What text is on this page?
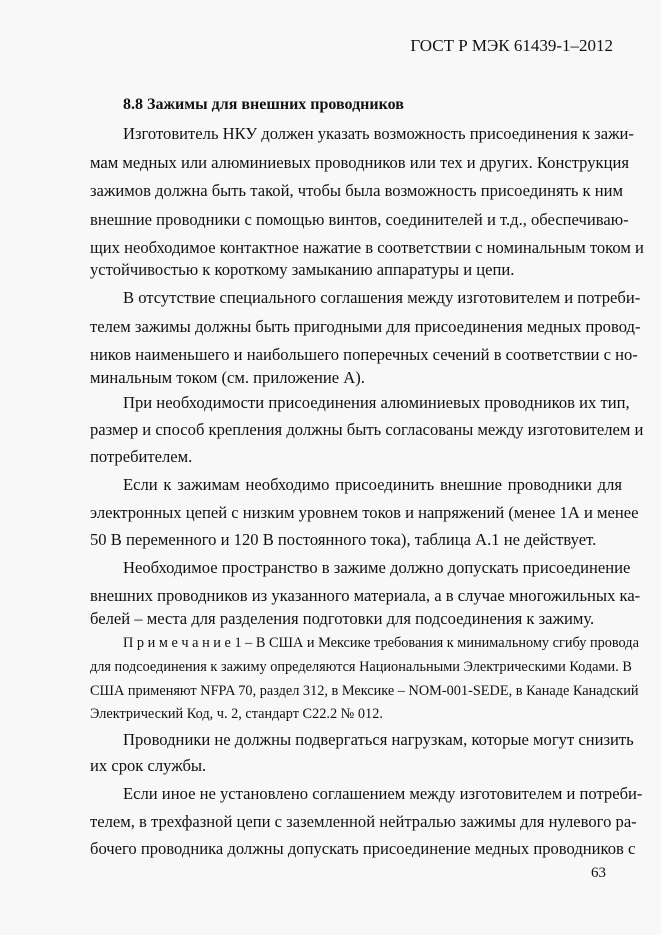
ГОСТ Р МЭК 61439-1–2012
8.8 Зажимы для внешних проводников
Изготовитель НКУ должен указать возможность присоединения к зажи-
мам медных или алюминиевых проводников или тех и других. Конструкция
зажимов должна быть такой, чтобы была возможность присоединять к ним
внешние проводники с помощью винтов, соединителей и т.д., обеспечиваю-
щих необходимое контактное нажатие в соответствии с номинальным током и
устойчивостью к короткому замыканию аппаратуры и цепи.
В отсутствие специального соглашения между изготовителем и потреби-
телем зажимы должны быть пригодными для присоединения медных провод-
ников наименьшего и наибольшего поперечных сечений в соответствии с но-
минальным током (см. приложение А).
При необходимости присоединения алюминиевых проводников их тип,
размер и способ крепления должны быть согласованы между изготовителем и
потребителем.
Если к зажимам необходимо присоединить внешние проводники для
электронных цепей с низким уровнем токов и напряжений (менее 1А и менее
50 В переменного и 120 В постоянного тока), таблица А.1 не действует.
Необходимое пространство в зажиме должно допускать присоединение
внешних проводников из указанного материала, а в случае многожильных ка-
белей – места для разделения подготовки для подсоединения к зажиму.
П р и м е ч а н и е 1 – В США и Мексике требования к минимальному сгибу провода
для подсоединения к зажиму определяются Национальными Электрическими Кодами. В
США применяют NFPA 70, раздел 312, в Мексике – NOM-001-SEDE, в Канаде Канадский
Электрический Код, ч. 2, стандарт С22.2 № 012.
Проводники не должны подвергаться нагрузкам, которые могут снизить
их срок службы.
Если иное не установлено соглашением между изготовителем и потреби-
телем, в трехфазной цепи с заземленной нейтралью зажимы для нулевого ра-
бочего проводника должны допускать присоединение медных проводников с
63
